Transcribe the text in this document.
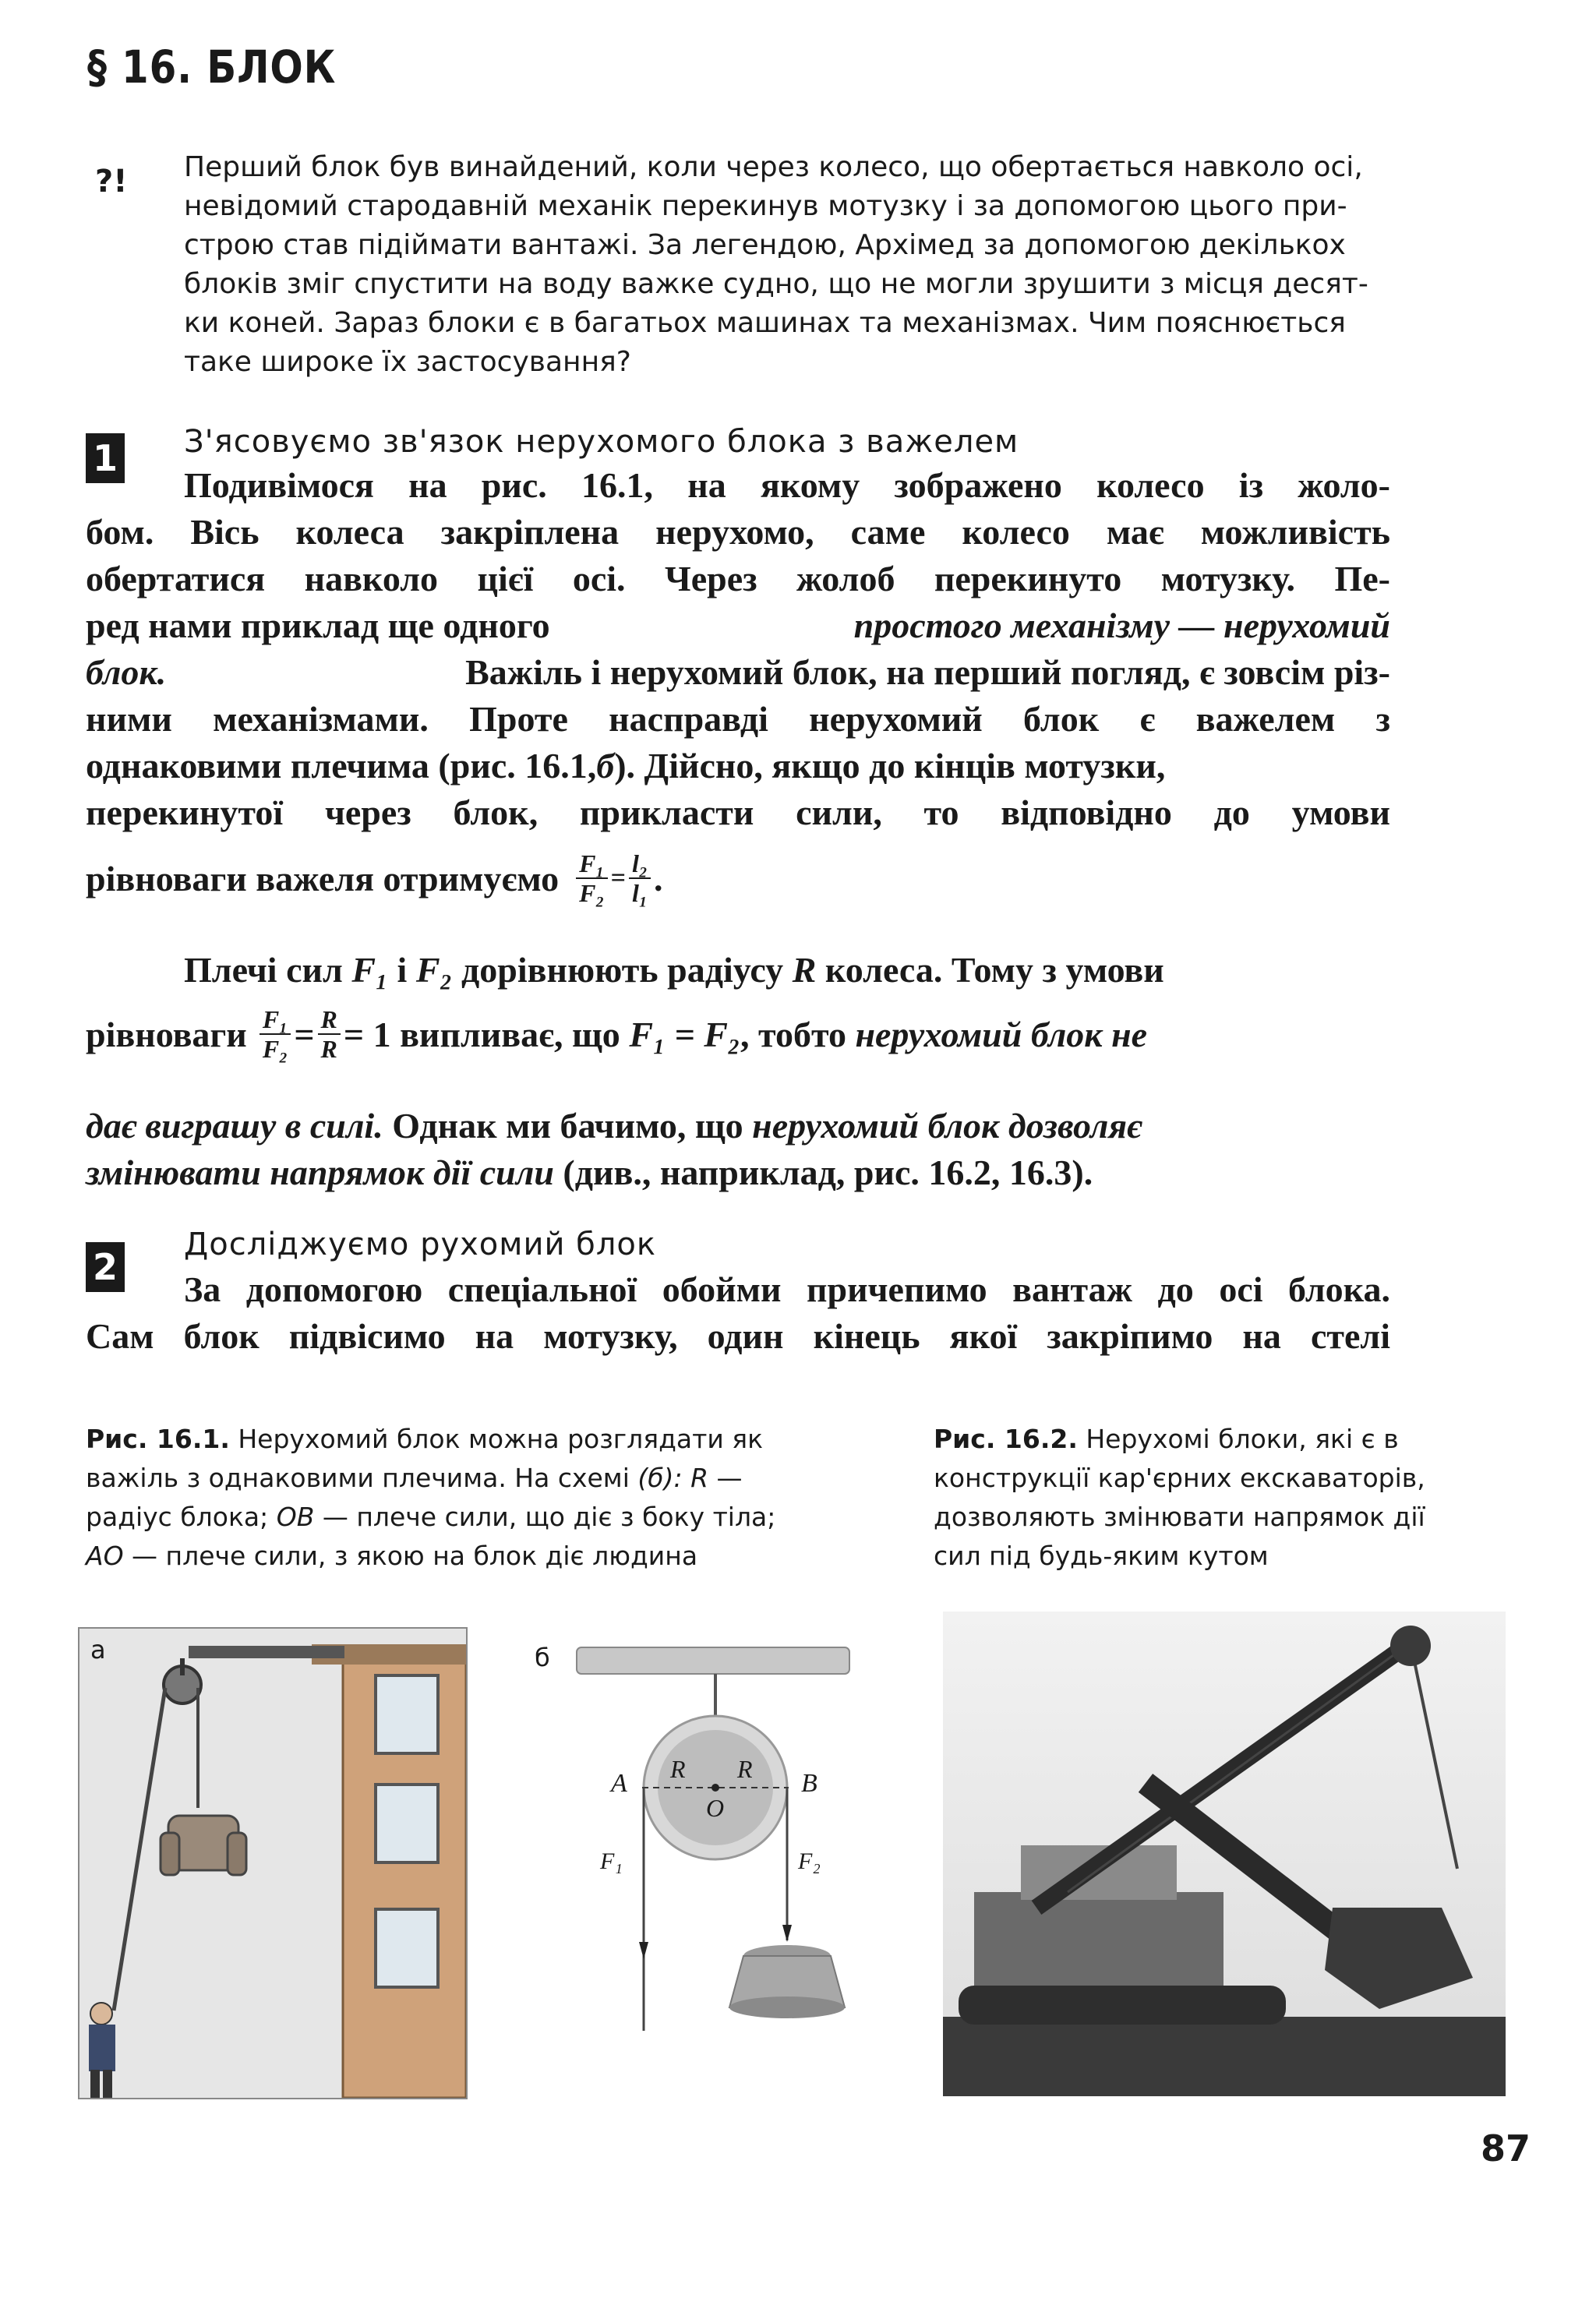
§ 16. БЛОК
?! Перший блок був винайдений, коли через колесо, що обертається навколо осі,
невідомий стародавній механік перекинув мотузку і за допомогою цього при-
строю став підіймати вантажі. За легендою, Архімед за допомогою декількох
блоків зміг спустити на воду важке судно, що не могли зрушити з місця десят-
ки коней. Зараз блоки є в багатьох машинах та механізмах. Чим пояснюється
таке широке їх застосування?
1 З'ясовуємо зв'язок нерухомого блока з важелем
Подивімося на рис. 16.1, на якому зображено колесо із жоло-
бом. Вісь колеса закріплена нерухомо, саме колесо має можливість
обертатися навколо цієї осі. Через жолоб перекинуто мотузку. Пе-
ред нами приклад ще одного	простого механізму — нерухомий
блок.	Важіль і нерухомий блок, на перший погляд, є зовсім різ-
ними механізмами. Проте насправді нерухомий блок є важелем з
однаковими плечима (рис. 16.1, б ). Дійсно, якщо до кінців мотузки,
перекинутої через блок, прикласти сили, то відповідно до умови
рівноваги важеля отримуємо $\frac{\text{F₁}}{\text{F₂}} = \frac{\text{l₂}}{\text{l₁}}$ .
Плечі сил F₁ і F₂ дорівнюють радіусу R колеса. Тому з умови
рівноваги $\frac{\text{F₁}}{\text{F₂}} = \frac{R}{R} = 1$ випливає, що F₁ = F₂ , тобто нерухомий блок не
дає виграшу в силі. Однак ми бачимо, що нерухомий блок дозволяє
змінювати напрямок дії сили (див., наприклад, рис. 16.2, 16.3).
2
Досліджуємо рухомий блок
За допомогою спеціальної обойми причепимо вантаж до осі блока.
Сам блок підвісимо на мотузку, один кінець якої закріпимо на стелі
Рис. 16.1. Нерухомий блок можна розглядати як
важіль з однаковими плечима. На схемі (б): R —
радіус блока; OB — плече сили, що діє з боку тіла;
AO — плече сили, з якою на блок діє людина
Рис. 16.2. Нерухомі блоки, які є в
конструкції кар'єрних екскаваторів,
дозволяють змінювати напрямок дії
сил під будь-яким кутом
а	б
A	B
R R
O
F₁	F₂
87
